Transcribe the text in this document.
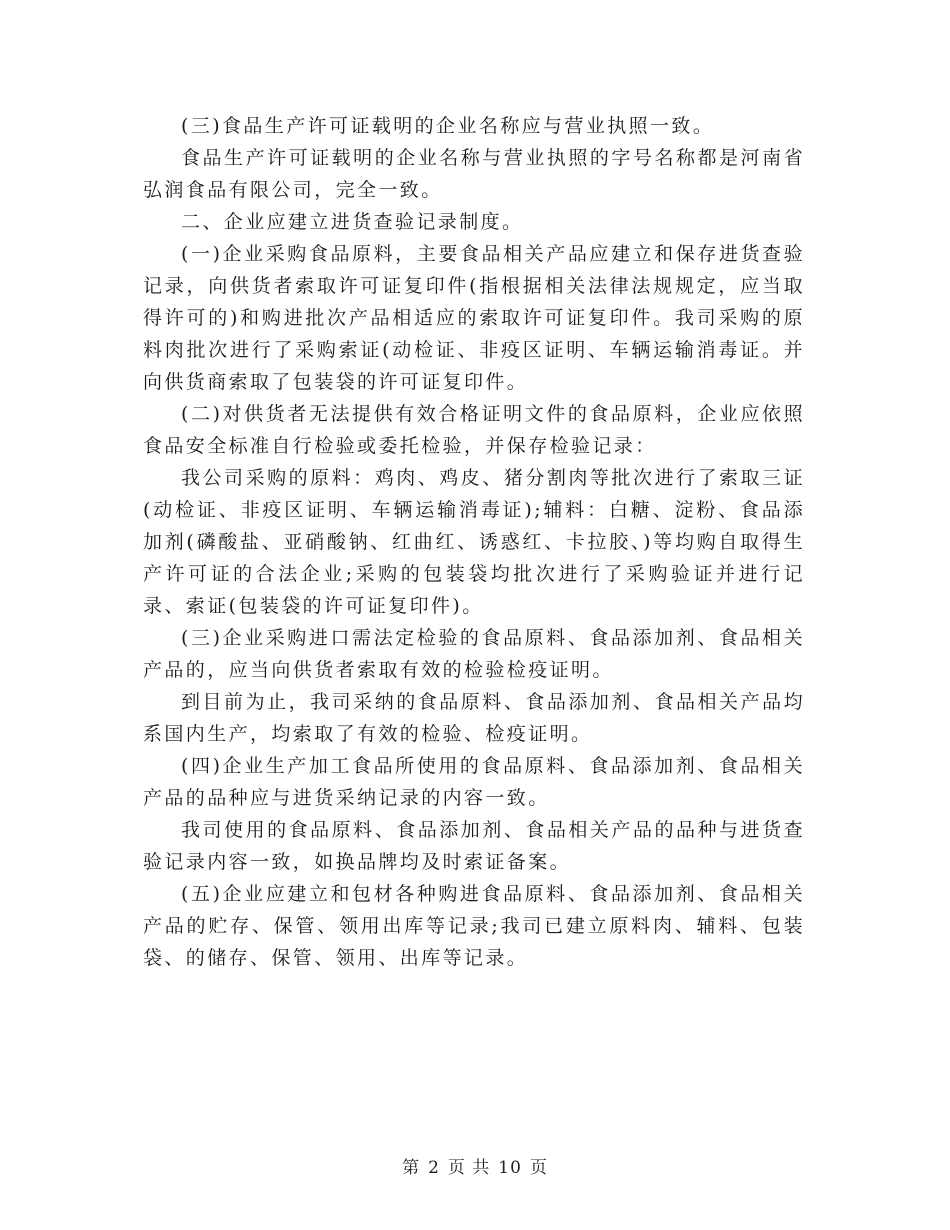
(三)食品生产许可证载明的企业名称应与营业执照一致。

食品生产许可证载明的企业名称与营业执照的字号名称都是河南省弘润食品有限公司，完全一致。

二、企业应建立进货查验记录制度。

(一)企业采购食品原料，主要食品相关产品应建立和保存进货查验记录，向供货者索取许可证复印件(指根据相关法律法规规定，应当取得许可的)和购进批次产品相适应的索取许可证复印件。我司采购的原料肉批次进行了采购索证(动检证、非疫区证明、车辆运输消毒证。并向供货商索取了包装袋的许可证复印件。

(二)对供货者无法提供有效合格证明文件的食品原料，企业应依照食品安全标准自行检验或委托检验，并保存检验记录：

我公司采购的原料：鸡肉、鸡皮、猪分割肉等批次进行了索取三证(动检证、非疫区证明、车辆运输消毒证);辅料：白糖、淀粉、食品添加剂(磷酸盐、亚硝酸钠、红曲红、诱惑红、卡拉胶、)等均购自取得生产许可证的合法企业;采购的包装袋均批次进行了采购验证并进行记录、索证(包装袋的许可证复印件)。

(三)企业采购进口需法定检验的食品原料、食品添加剂、食品相关产品的，应当向供货者索取有效的检验检疫证明。

到目前为止，我司采纳的食品原料、食品添加剂、食品相关产品均系国内生产，均索取了有效的检验、检疫证明。

(四)企业生产加工食品所使用的食品原料、食品添加剂、食品相关产品的品种应与进货采纳记录的内容一致。

我司使用的食品原料、食品添加剂、食品相关产品的品种与进货查验记录内容一致，如换品牌均及时索证备案。

(五)企业应建立和包材各种购进食品原料、食品添加剂、食品相关产品的贮存、保管、领用出库等记录;我司已建立原料肉、辅料、包装袋、的储存、保管、领用、出库等记录。

第 2 页 共 10 页
